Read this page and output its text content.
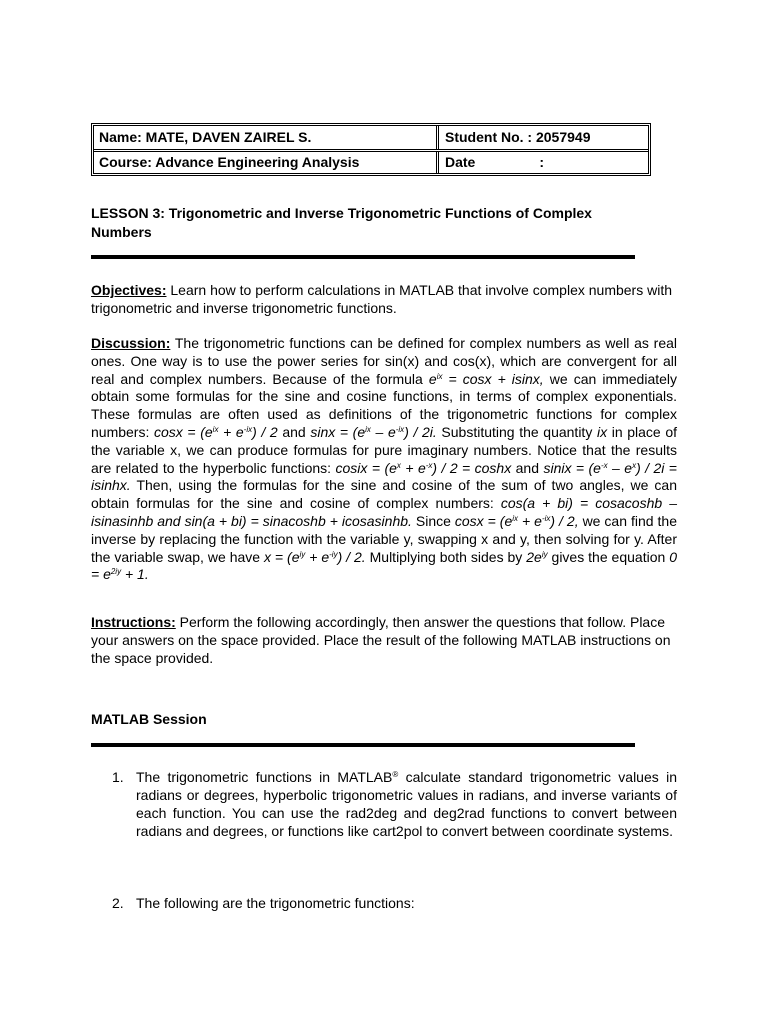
Name: MATE, DAVEN ZAIREL S.	Student No. : 2057949
Course: Advance Engineering Analysis	Date	:
LESSON 3: Trigonometric and Inverse Trigonometric Functions of Complex Numbers
Objectives: Learn how to perform calculations in MATLAB that involve complex numbers with trigonometric and inverse trigonometric functions.
Discussion: The trigonometric functions can be defined for complex numbers as well as real ones. One way is to use the power series for sin(x) and cos(x), which are convergent for all real and complex numbers. Because of the formula $e^{ix} = \cos x + isinx$, we can immediately obtain some formulas for the sine and cosine functions, in terms of complex exponentials. These formulas are often used as definitions of the trigonometric functions for complex numbers: $\cos x = (e^{ix} + e^{-ix}) / 2$ and $\sin x = (e^{ix} - e^{-ix}) / 2i$. Substituting the quantity ix in place of the variable x, we can produce formulas for pure imaginary numbers. Notice that the results are related to the hyperbolic functions: cosix = $(e^x + e^{-x}) / 2 = \cosh x$ and sinix = $(e^{-x} - e^x) / 2i = isinhx$. Then, using the formulas for the sine and cosine of the sum of two angles, we can obtain formulas for the sine and cosine of complex numbers: cos(a + bi) = cosacoshb – isinasinhb and sin(a + bi) = sinacoshb + icosasinhb. Since $\cos x = (e^{ix} + e^{-ix}) / 2$, we can find the inverse by replacing the function with the variable y, swapping x and y, then solving for y. After the variable swap, we have $x = (e^{iy} + e^{-iy}) / 2$. Multiplying both sides by $2e^{iy}$ gives the equation $0 = e^{2iy} + 1$.
Instructions: Perform the following accordingly, then answer the questions that follow. Place your answers on the space provided. Place the result of the following MATLAB instructions on the space provided.
MATLAB Session
1. The trigonometric functions in MATLAB® calculate standard trigonometric values in radians or degrees, hyperbolic trigonometric values in radians, and inverse variants of each function. You can use the rad2deg and deg2rad functions to convert between radians and degrees, or functions like cart2pol to convert between coordinate systems.
2. The following are the trigonometric functions:
